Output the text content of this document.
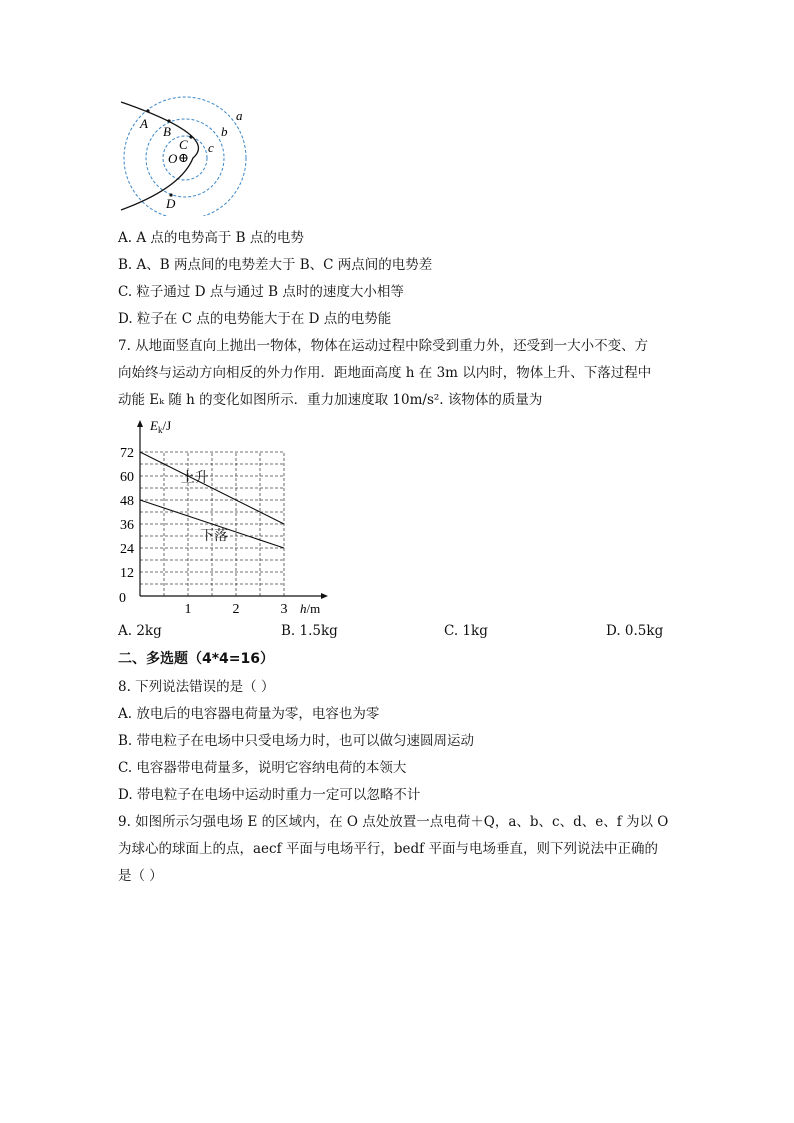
A
B
C
D
O ⊕
a
b
c
A. A 点的电势高于 B 点的电势
B. A、B 两点间的电势差大于 B、C 两点间的电势差
C. 粒子通过 D 点与通过 B 点时的速度大小相等
D. 粒子在 C 点的电势能大于在 D 点的电势能
7. 从地面竖直向上抛出一物体，物体在运动过程中除受到重力外，还受到一大小不变、方
向始终与运动方向相反的外力作用．距地面高度 h 在 3m 以内时，物体上升、下落过程中
动能 Eₖ 随 h 的变化如图所示．重力加速度取 10m/s². 该物体的质量为
12
24
36
48
60
72
1	2	3
0
$E_k/J$
h/m
上升
下落
A. 2kg	B. 1.5kg	C. 1kg	D. 0.5kg
二、多选题（4*4=16）
8. 下列说法错误的是（ ）
A. 放电后的电容器电荷量为零，电容也为零
B. 带电粒子在电场中只受电场力时，也可以做匀速圆周运动
C. 电容器带电荷量多，说明它容纳电荷的本领大
D. 带电粒子在电场中运动时重力一定可以忽略不计
9. 如图所示匀强电场 E 的区域内，在 O 点处放置一点电荷＋Q，a、b、c、d、e、f 为以 O
为球心的球面上的点，aecf 平面与电场平行，bedf 平面与电场垂直，则下列说法中正确的
是（ ）
